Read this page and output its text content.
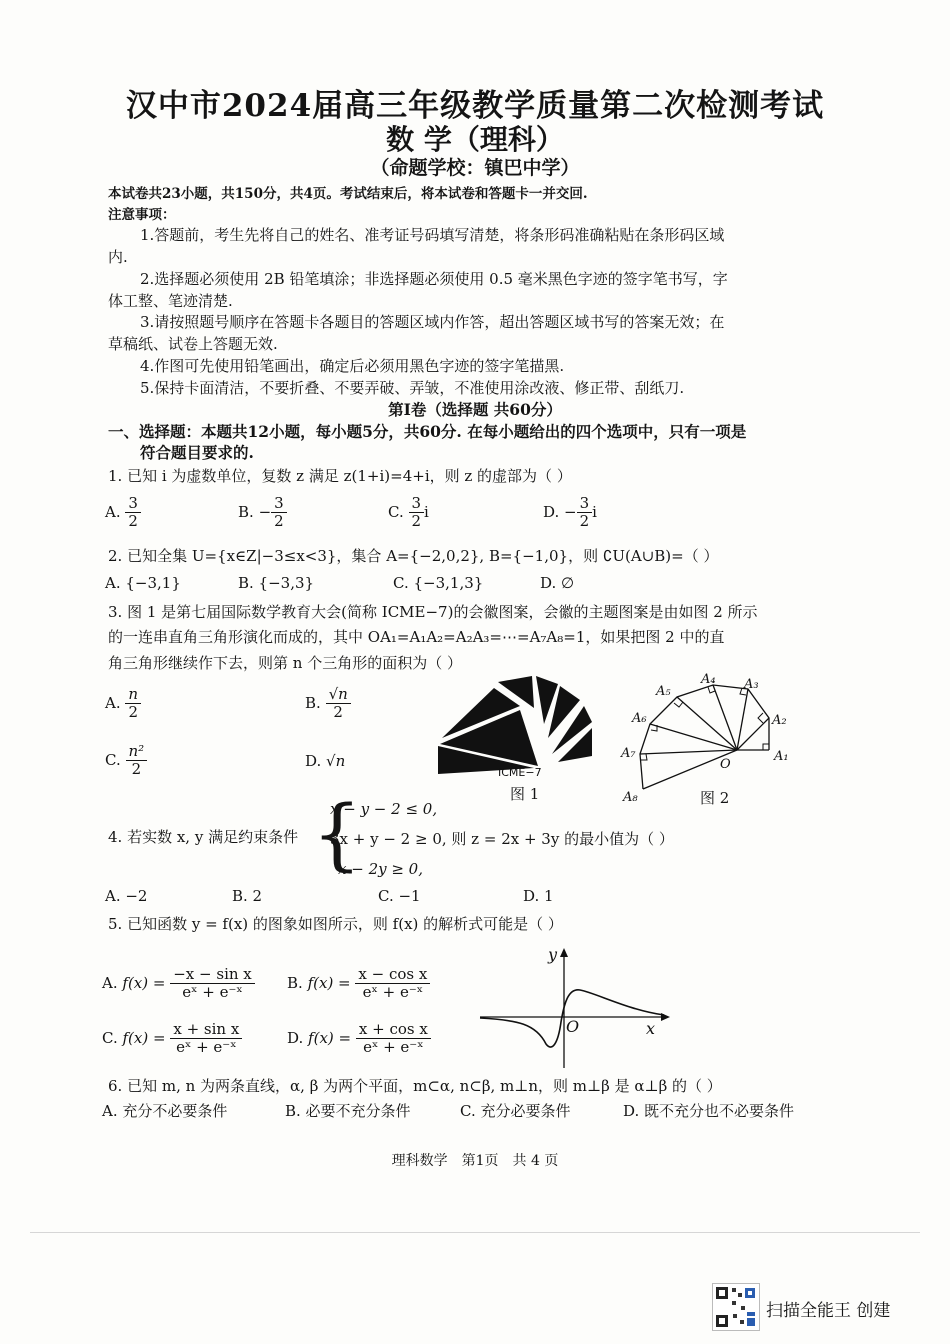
汉中市2024届高三年级教学质量第二次检测考试
数 学（理科）
（命题学校：镇巴中学）
本试卷共23小题，共150分，共4页。考试结束后，将本试卷和答题卡一并交回.
注意事项：
1.答题前，考生先将自己的姓名、准考证号码填写清楚，将条形码准确粘贴在条形码区域
内.
2.选择题必须使用 2B 铅笔填涂；非选择题必须使用 0.5 毫米黑色字迹的签字笔书写，字
体工整、笔迹清楚.
3.请按照题号顺序在答题卡各题目的答题区域内作答，超出答题区域书写的答案无效；在
草稿纸、试卷上答题无效.
4.作图可先使用铅笔画出，确定后必须用黑色字迹的签字笔描黑.
5.保持卡面清洁，不要折叠、不要弄破、弄皱，不准使用涂改液、修正带、刮纸刀.
第Ⅰ卷（选择题 共60分）
一、选择题：本题共12小题，每小题5分，共60分. 在每小题给出的四个选项中，只有一项是
符合题目要求的.
1. 已知 i 为虚数单位，复数 z 满足 z(1+i)=4+i，则 z 的虚部为（ ）
A. $\frac{3}{2}$	B. − $\frac{3}{2}$	C. $\frac{3}{2}$ i	D. − $\frac{3}{2}$ i
2. 已知全集 U={x∈Z|−3≤x<3}，集合 A={−2,0,2}, B={−1,0}，则 ∁U(A∪B)=（ ）
A. {−3,1}	B. {−3,3}	C. {−3,1,3}	D. ∅
3. 图 1 是第七届国际数学教育大会(简称 ICME−7)的会徽图案，会徽的主题图案是由如图 2 所示
的一连串直角三角形演化而成的，其中 OA₁=A₁A₂=A₂A₃=⋯=A₇A₈=1，如果把图 2 中的直
角三角形继续作下去，则第 n 个三角形的面积为（ ）
A. $\frac{n}{2}$	B. $\frac{√n}{2}$
C. $\frac{\text{n²}}{2}$	D. √n
ICME−7
图 1
O
A₁
A₂
A₃
A₄
A₅
A₆
A₇
A₈	图 2
4. 若实数 x, y 满足约束条件 {
x − y − 2 ≤ 0,
3x + y − 2 ≥ 0, 则 z = 2x + 3y 的最小值为（ ）
x − 2y ≥ 0,
A. −2	B. 2	C. −1	D. 1
5. 已知函数 y = f(x) 的图象如图所示，则 f(x) 的解析式可能是（ ）
A. $f(x) = \frac{\text{−x − sin x}}{\text{eˣ + e⁻ˣ}} B$. $f(x) = \frac{\text{x − cos x}}{\text{eˣ + e⁻ˣ}}$
C. $f(x) = \frac{\text{x + sin x}}{\text{eˣ + e⁻ˣ}}$	D. $f(x) = \frac{\text{x + cos x}}{\text{eˣ + e⁻ˣ}}$
y
x
O
6. 已知 m, n 为两条直线，α, β 为两个平面，m⊂α, n⊂β, m⊥n，则 m⊥β 是 α⊥β 的（ ）
A. 充分不必要条件	B. 必要不充分条件	C. 充分必要条件	D. 既不充分也不必要条件
理科数学　第1页　共 4 页
扫描全能王 创建
